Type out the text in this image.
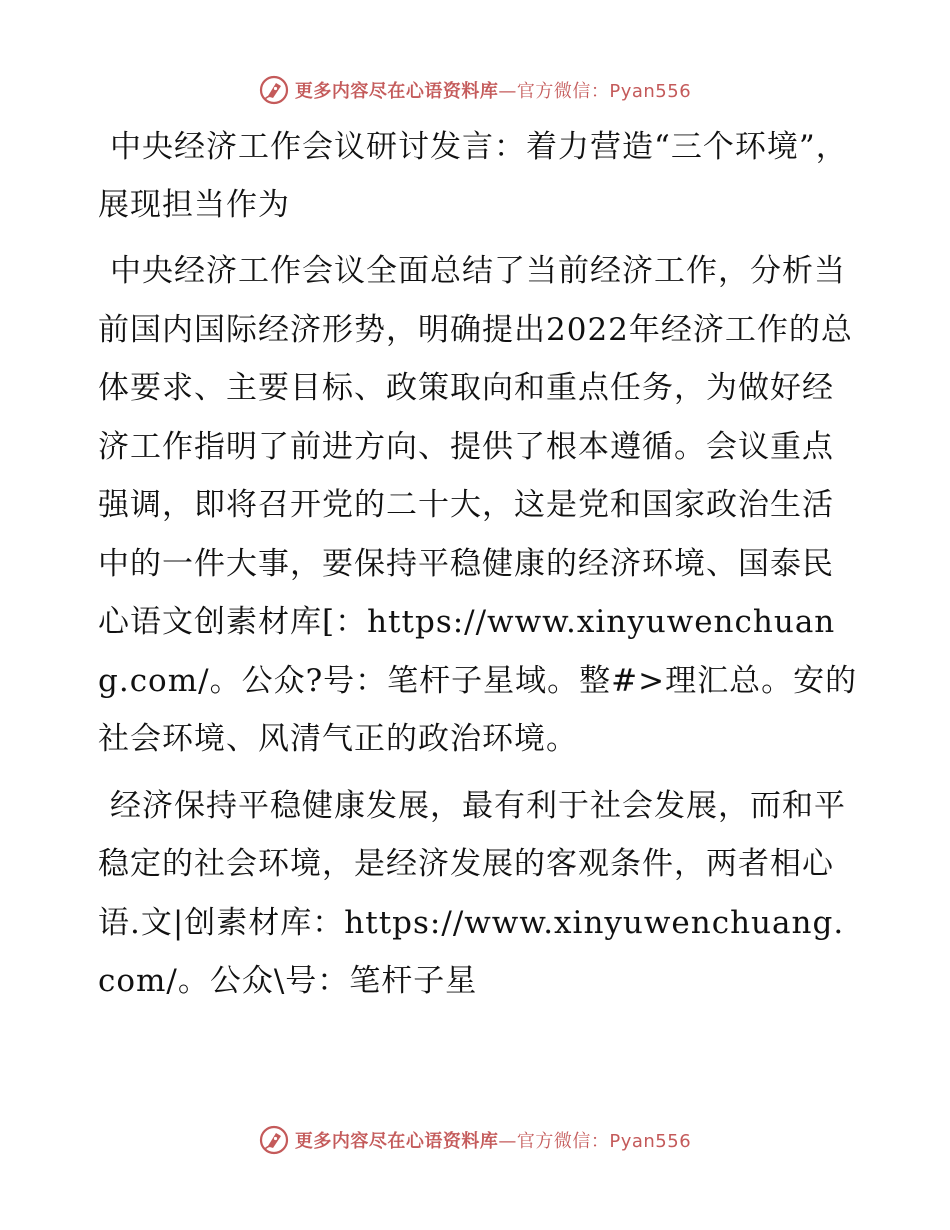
更多内容尽在心语资料库—官方微信：Pyan556
中央经济工作会议研讨发言：着力营造“三个环境”，展现担当作为

中央经济工作会议全面总结了当前经济工作，分析当前国内国际经济形势，明确提出2022年经济工作的总体要求、主要目标、政策取向和重点任务，为做好经济工作指明了前进方向、提供了根本遵循。会议重点强调，即将召开党的二十大，这是党和国家政治生活中的一件大事，要保持平稳健康的经济环境、国泰民心语文创素材库[：https://www.xinyuwenchuang.com/。公众?号：笔杆子星域。整#>理汇总。安的社会环境、风清气正的政治环境。

经济保持平稳健康发展，最有利于社会发展，而和平稳定的社会环境，是经济发展的客观条件，两者相心语.文|创素材库：https://www.xinyuwenchuang.com/。公众\号：笔杆子星

更多内容尽在心语资料库—官方微信：Pyan556
